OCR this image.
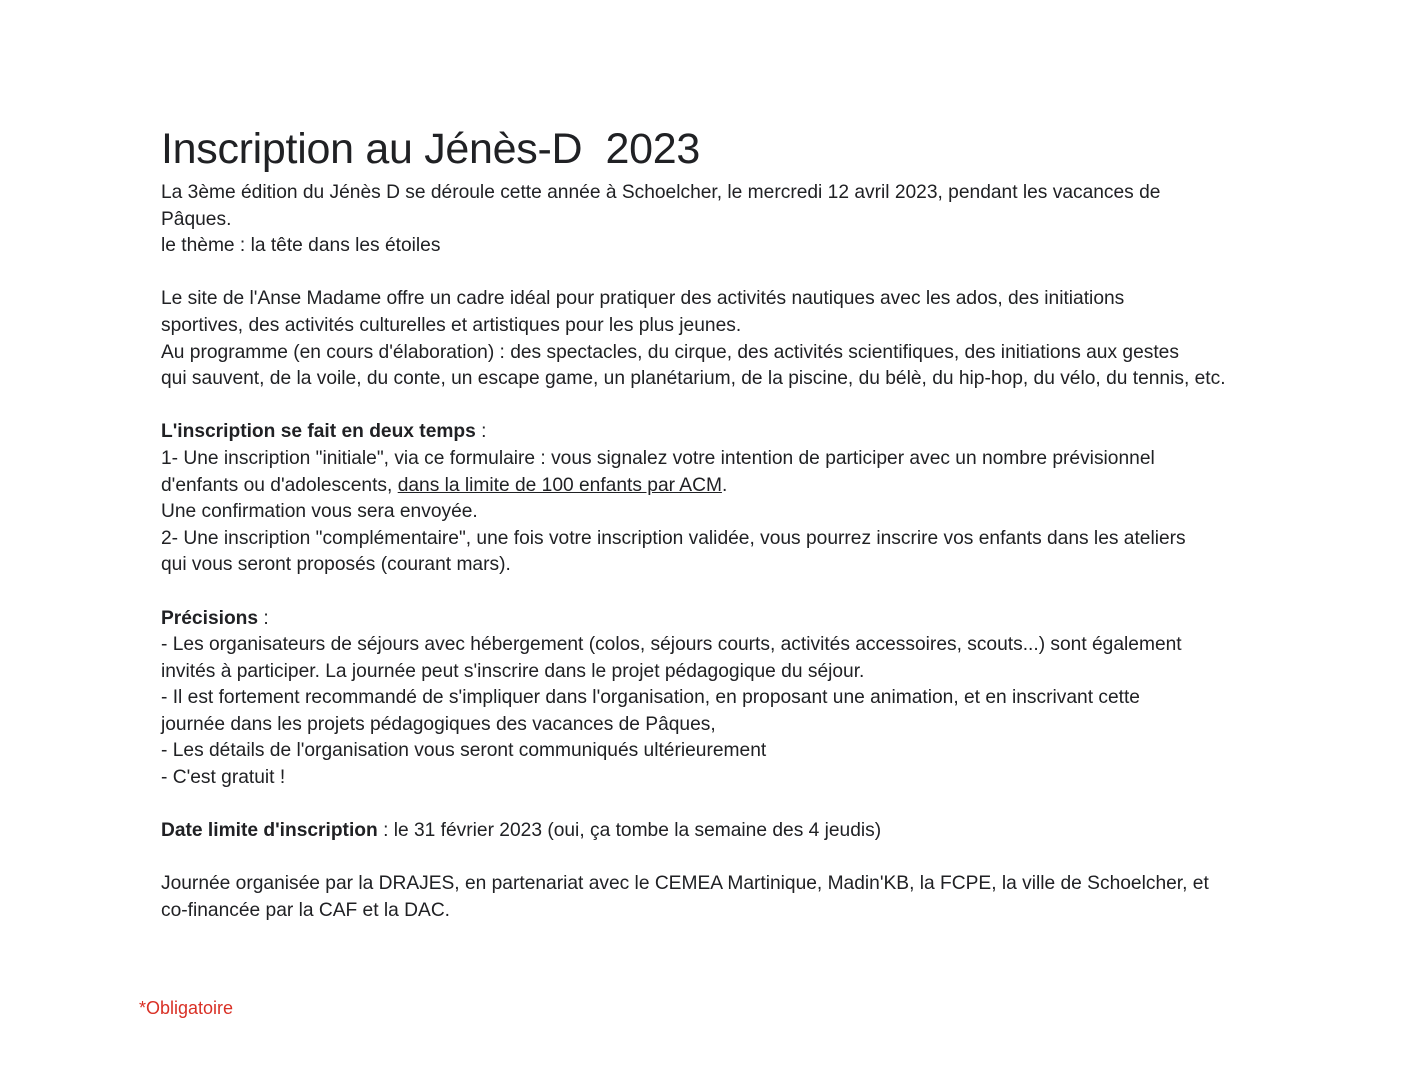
Inscription au Jénès-D  2023
La 3ème édition du Jénès D se déroule cette année à Schoelcher, le mercredi 12 avril 2023, pendant les vacances de
Pâques.
le thème : la tête dans les étoiles
Le site de l'Anse Madame offre un cadre idéal pour pratiquer des activités nautiques avec les ados, des initiations
sportives, des activités culturelles et artistiques pour les plus jeunes.
Au programme (en cours d'élaboration) : des spectacles, du cirque, des activités scientifiques, des initiations aux gestes
qui sauvent, de la voile, du conte, un escape game, un planétarium, de la piscine, du bélè, du hip-hop, du vélo, du tennis, etc.
L'inscription se fait en deux temps :
1- Une inscription "initiale", via ce formulaire : vous signalez votre intention de participer avec un nombre prévisionnel
d'enfants ou d'adolescents, dans la limite de 100 enfants par ACM.
Une confirmation vous sera envoyée.
2- Une inscription "complémentaire", une fois votre inscription validée, vous pourrez inscrire vos enfants dans les ateliers
qui vous seront proposés (courant mars).
Précisions :
- Les organisateurs de séjours avec hébergement (colos, séjours courts, activités accessoires, scouts...) sont également
invités à participer. La journée peut s'inscrire dans le projet pédagogique du séjour.
- Il est fortement recommandé de s'impliquer dans l'organisation, en proposant une animation, et en inscrivant cette
journée dans les projets pédagogiques des vacances de Pâques,
- Les détails de l'organisation vous seront communiqués ultérieurement
- C'est gratuit !
Date limite d'inscription : le 31 février 2023 (oui, ça tombe la semaine des 4 jeudis)
Journée organisée par la DRAJES, en partenariat avec le CEMEA Martinique, Madin'KB, la FCPE, la ville de Schoelcher, et
co-financée par la CAF et la DAC.
*Obligatoire
